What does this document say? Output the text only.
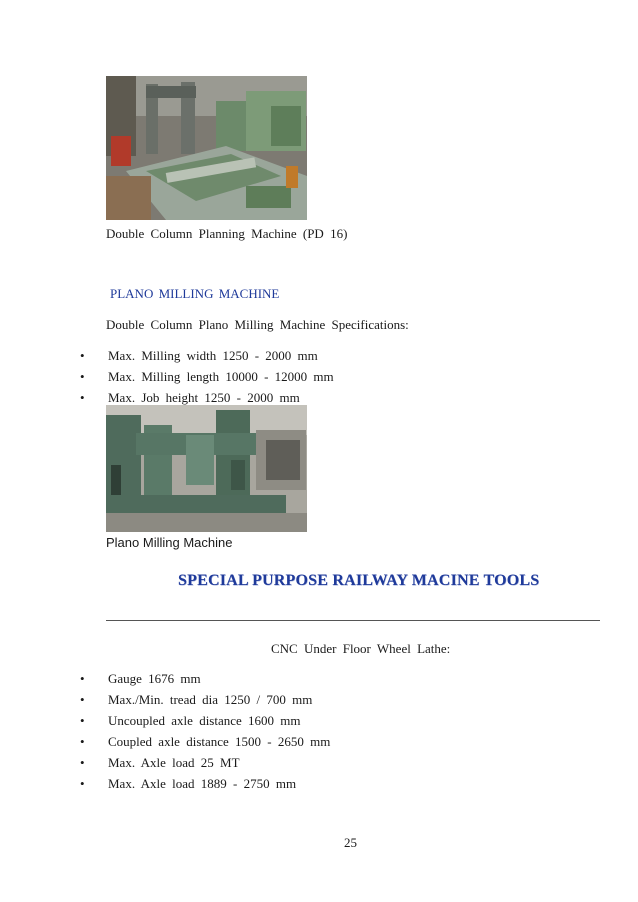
Double Column Planning Machine (PD 16)
PLANO MILLING MACHINE
Double Column Plano Milling Machine Specifications:
• Max. Milling width 1250 - 2000 mm
• Max. Milling length 10000 - 12000 mm
• Max. Job height 1250 - 2000 mm
Plano Milling Machine
SPECIAL PURPOSE RAILWAY MACINE TOOLS
CNC Under Floor Wheel Lathe:
• Gauge 1676 mm
• Max./Min. tread dia 1250 / 700 mm
• Uncoupled axle distance 1600 mm
• Coupled axle distance 1500 - 2650 mm
• Max. Axle load 25 MT
• Max. Axle load 1889 - 2750 mm
25
